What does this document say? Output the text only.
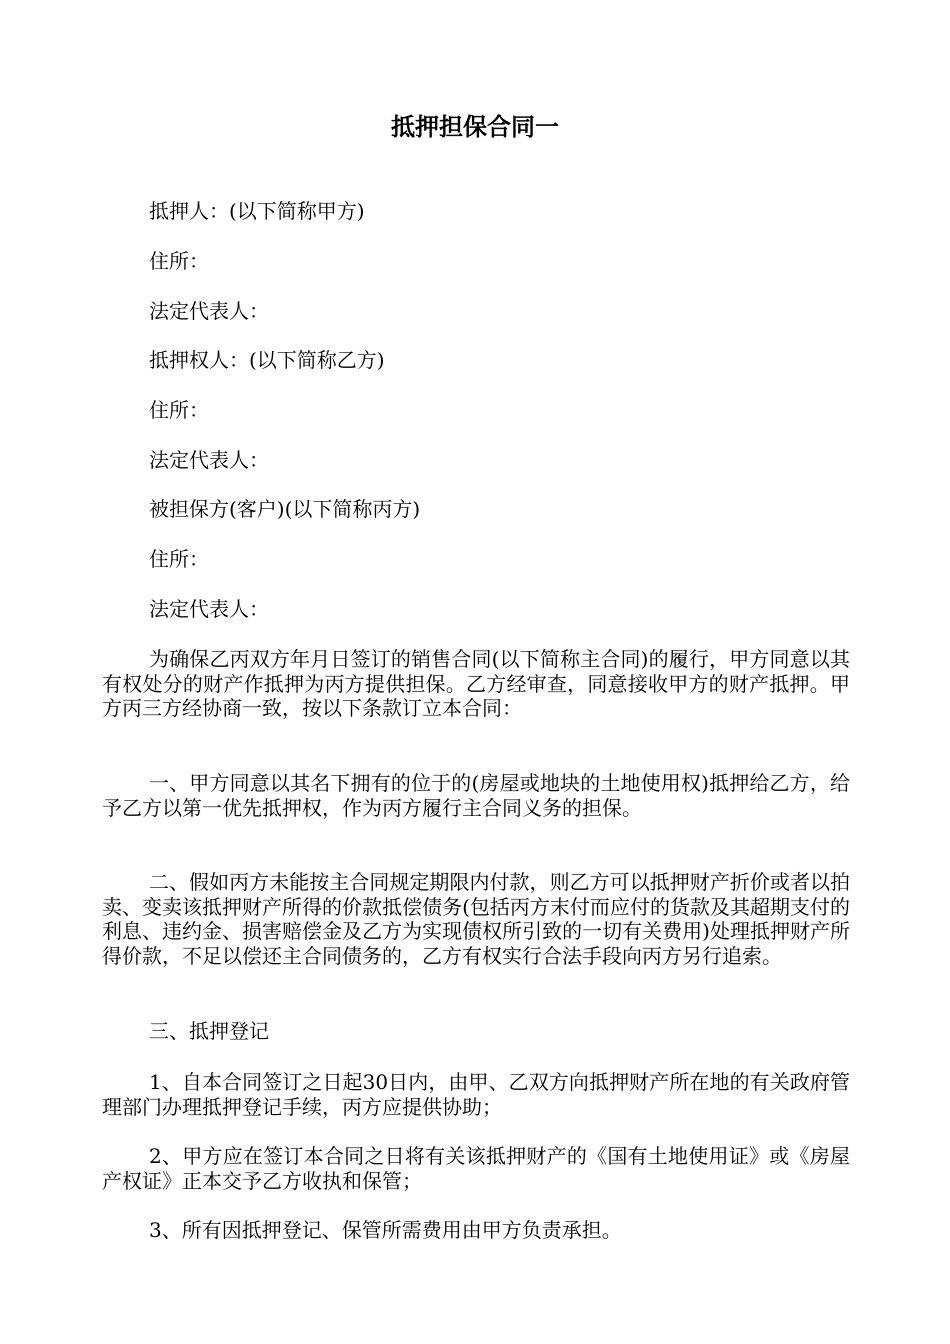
抵押担保合同一
抵押人：(以下简称甲方)
住所：
法定代表人：
抵押权人：(以下简称乙方)
住所：
法定代表人：
被担保方(客户)(以下简称丙方)
住所：
法定代表人：
为确保乙丙双方年月日签订的销售合同(以下简称主合同)的履行，甲方同意以其有权处分的财产作抵押为丙方提供担保。乙方经审查，同意接收甲方的财产抵押。甲方丙三方经协商一致，按以下条款订立本合同：
一、甲方同意以其名下拥有的位于的(房屋或地块的土地使用权)抵押给乙方，给予乙方以第一优先抵押权，作为丙方履行主合同义务的担保。
二、假如丙方未能按主合同规定期限内付款，则乙方可以抵押财产折价或者以拍卖、变卖该抵押财产所得的价款抵偿债务(包括丙方末付而应付的货款及其超期支付的利息、违约金、损害赔偿金及乙方为实现债权所引致的一切有关费用)处理抵押财产所得价款，不足以偿还主合同债务的，乙方有权实行合法手段向丙方另行追索。
三、抵押登记
1、自本合同签订之日起30日内，由甲、乙双方向抵押财产所在地的有关政府管理部门办理抵押登记手续，丙方应提供协助；
2、甲方应在签订本合同之日将有关该抵押财产的《国有土地使用证》或《房屋产权证》正本交予乙方收执和保管；
3、所有因抵押登记、保管所需费用由甲方负责承担。
